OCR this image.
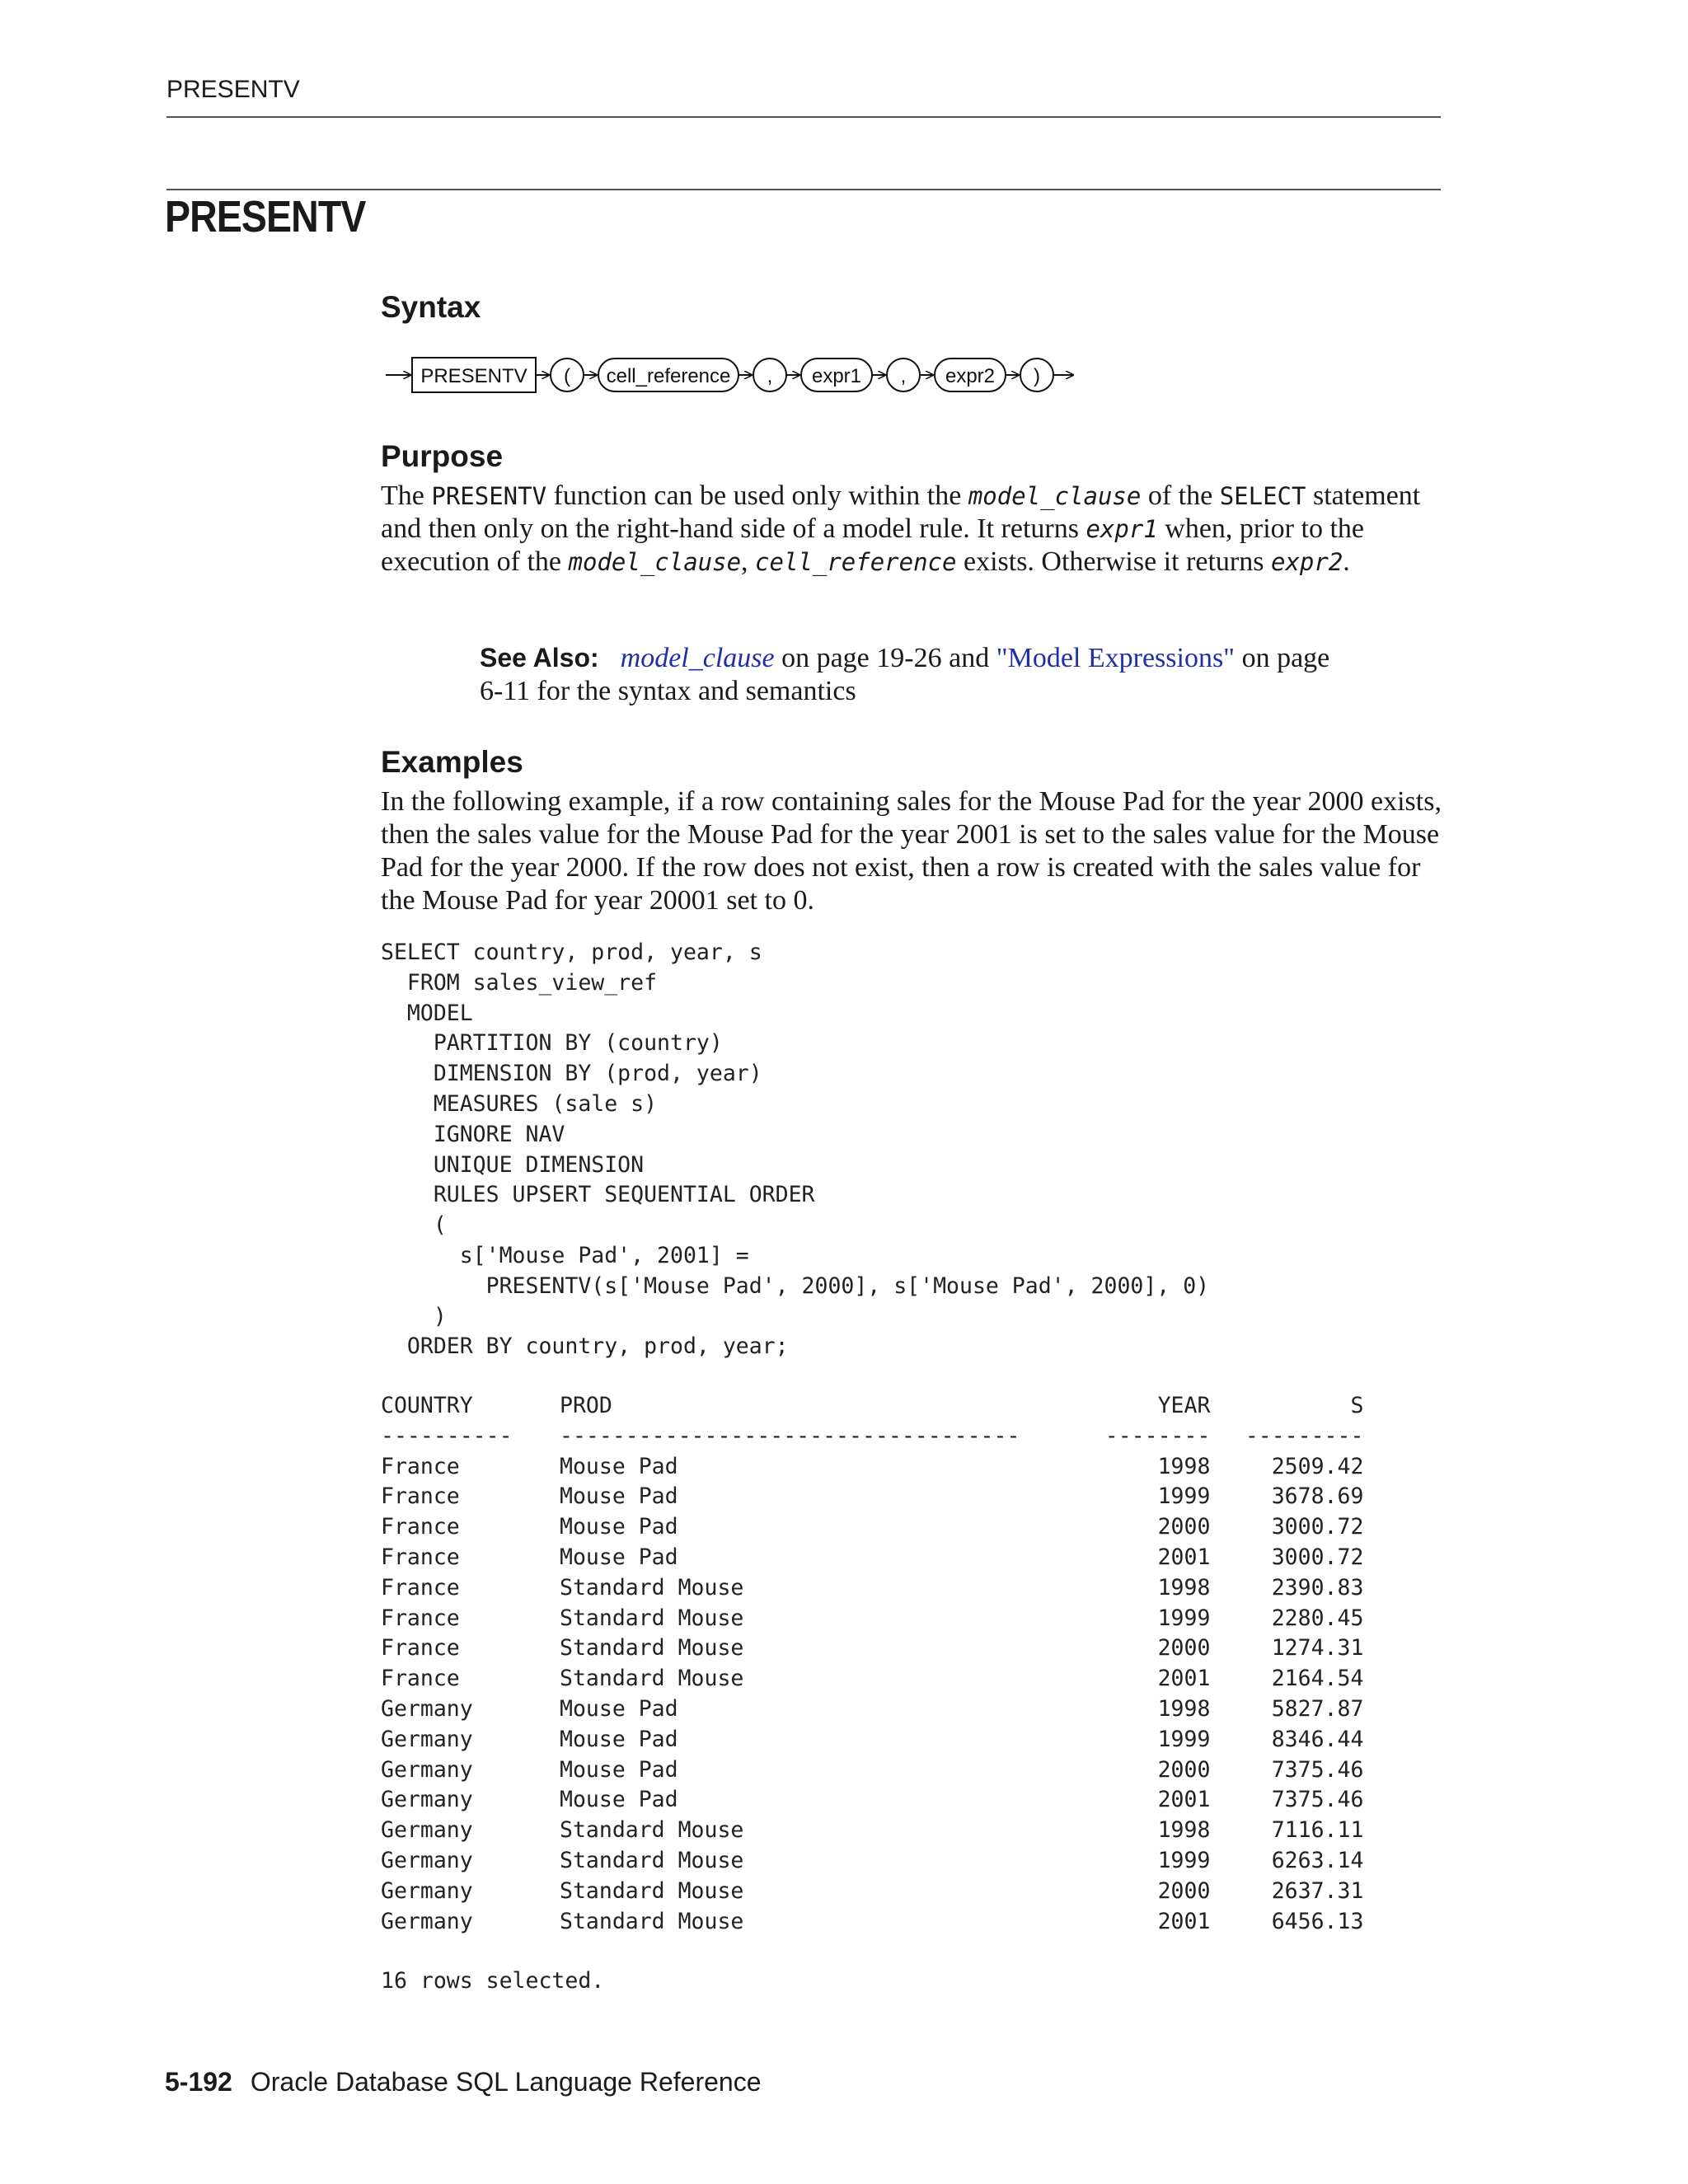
PRESENTV
PRESENTV
Syntax
PRESENTV ( cell_reference , expr1 , expr2 )
Purpose
The PRESENTV function can be used only within the model_clause of the SELECT statement and then only on the right-hand side of a model rule. It returns expr1 when, prior to the execution of the model_clause, cell_reference exists. Otherwise it returns expr2.
See Also: model_clause on page 19-26 and "Model Expressions" on page 6-11 for the syntax and semantics
Examples
In the following example, if a row containing sales for the Mouse Pad for the year 2000 exists, then the sales value for the Mouse Pad for the year 2001 is set to the sales value for the Mouse Pad for the year 2000. If the row does not exist, then a row is created with the sales value for the Mouse Pad for year 20001 set to 0.
SELECT country, prod, year, s
FROM sales_view_ref
MODEL
PARTITION BY (country)
DIMENSION BY (prod, year)
MEASURES (sale s)
IGNORE NAV
UNIQUE DIMENSION
RULES UPSERT SEQUENTIAL ORDER
(
s['Mouse Pad', 2001] =
PRESENTV(s['Mouse Pad', 2000], s['Mouse Pad', 2000], 0)
)
ORDER BY country, prod, year;
COUNTRY	PROD	YEAR	S
----------	-----------------------------------	--------	---------
France	Mouse Pad	1998	2509.42
France	Mouse Pad	1999	3678.69
France	Mouse Pad	2000	3000.72
France	Mouse Pad	2001	3000.72
France	Standard Mouse	1998	2390.83
France	Standard Mouse	1999	2280.45
France	Standard Mouse	2000	1274.31
France	Standard Mouse	2001	2164.54
Germany	Mouse Pad	1998	5827.87
Germany	Mouse Pad	1999	8346.44
Germany	Mouse Pad	2000	7375.46
Germany	Mouse Pad	2001	7375.46
Germany	Standard Mouse	1998	7116.11
Germany	Standard Mouse	1999	6263.14
Germany	Standard Mouse	2000	2637.31
Germany	Standard Mouse	2001	6456.13
16 rows selected.
5-192 Oracle Database SQL Language Reference
